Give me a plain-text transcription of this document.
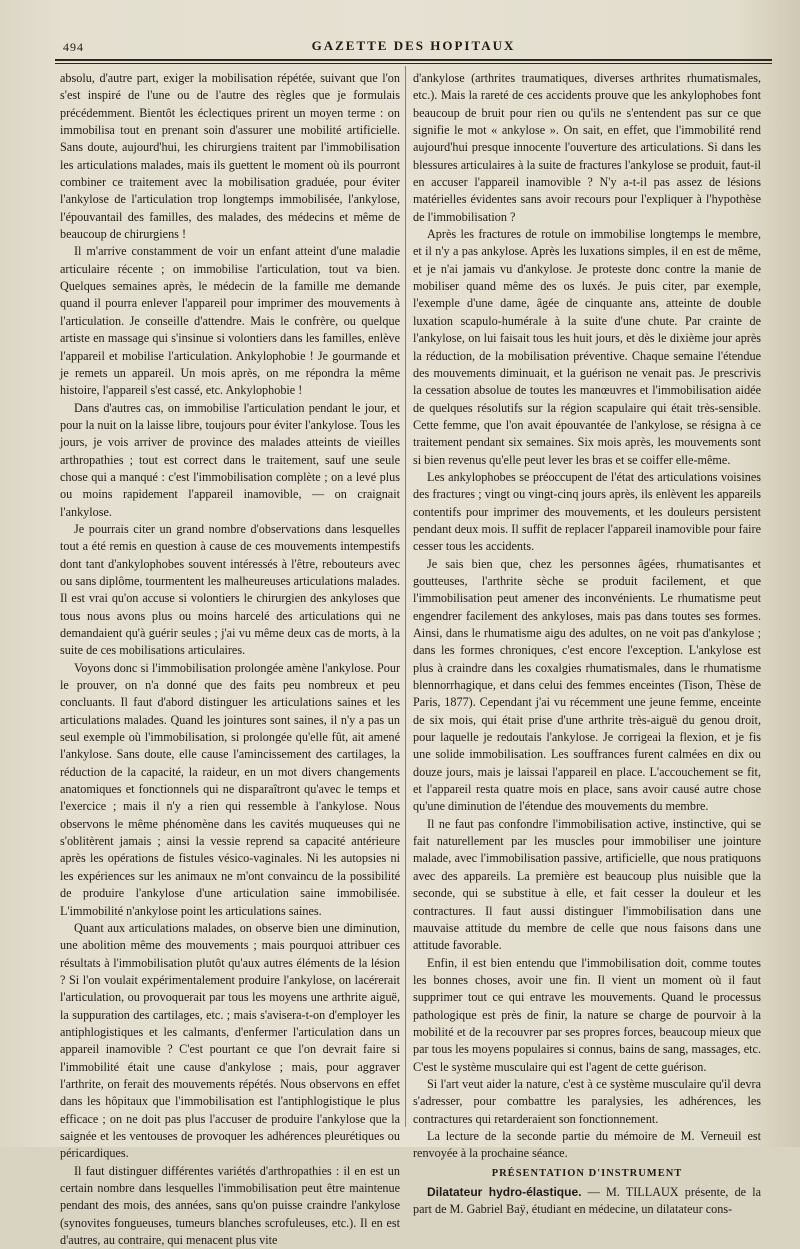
494	GAZETTE DES HOPITAUX

absolu, d'autre part, exiger la mobilisation répétée, suivant que l'on s'est inspiré de l'une ou de l'autre des règles que je formulais précédemment. Bientôt les éclectiques prirent un moyen terme : on immobilisa tout en prenant soin d'assurer une mobilité artificielle. Sans doute, aujourd'hui, les chirurgiens traitent par l'immobilisation les articulations malades, mais ils guettent le moment où ils pourront combiner ce traitement avec la mobilisation graduée, pour éviter l'ankylose de l'articulation trop longtemps immobilisée, l'ankylose, l'épouvantail des familles, des malades, des médecins et même de beaucoup de chirurgiens !

Il m'arrive constamment de voir un enfant atteint d'une maladie articulaire récente ; on immobilise l'articulation, tout va bien. Quelques semaines après, le médecin de la famille me demande quand il pourra enlever l'appareil pour imprimer des mouvements à l'articulation. Je conseille d'attendre. Mais le confrère, ou quelque artiste en massage qui s'insinue si volontiers dans les familles, enlève l'appareil et mobilise l'articulation. Ankylophobie ! Je gourmande et je remets un appareil. Un mois après, on me répondra la même histoire, l'appareil s'est cassé, etc. Ankylophobie !

Dans d'autres cas, on immobilise l'articulation pendant le jour, et pour la nuit on la laisse libre, toujours pour éviter l'ankylose. Tous les jours, je vois arriver de province des malades atteints de vieilles arthropathies ; tout est correct dans le traitement, sauf une seule chose qui a manqué : c'est l'immobilisation complète ; on a levé plus ou moins rapidement l'appareil inamovible, — on craignait l'ankylose.

Je pourrais citer un grand nombre d'observations dans lesquelles tout a été remis en question à cause de ces mouvements intempestifs dont tant d'ankylophobes souvent intéressés à l'être, rebouteurs avec ou sans diplôme, tourmentent les malheureuses articulations malades. Il est vrai qu'on accuse si volontiers le chirurgien des ankyloses que tous nous avons plus ou moins harcelé des articulations qui ne demandaient qu'à guérir seules ; j'ai vu même deux cas de morts, à la suite de ces mobilisations articulaires.

Voyons donc si l'immobilisation prolongée amène l'ankylose. Pour le prouver, on n'a donné que des faits peu nombreux et peu concluants. Il faut d'abord distinguer les articulations saines et les articulations malades. Quand les jointures sont saines, il n'y a pas un seul exemple où l'immobilisation, si prolongée qu'elle fût, ait amené l'ankylose. Sans doute, elle cause l'amincissement des cartilages, la réduction de la capacité, la raideur, en un mot divers changements anatomiques et fonctionnels qui ne disparaîtront qu'avec le temps et l'exercice ; mais il n'y a rien qui ressemble à l'ankylose. Nous observons le même phénomène dans les cavités muqueuses qui ne s'oblitèrent jamais ; ainsi la vessie reprend sa capacité antérieure après les opérations de fistules vésico-vaginales. Ni les autopsies ni les expériences sur les animaux ne m'ont convaincu de la possibilité de produire l'ankylose d'une articulation saine immobilisée. L'immobilité n'ankylose point les articulations saines.

Quant aux articulations malades, on observe bien une diminution, une abolition même des mouvements ; mais pourquoi attribuer ces résultats à l'immobilisation plutôt qu'aux autres éléments de la lésion ? Si l'on voulait expérimentalement produire l'ankylose, on lacérerait l'articulation, ou provoquerait par tous les moyens une arthrite aiguë, la suppuration des cartilages, etc. ; mais s'avisera-t-on d'employer les antiphlogistiques et les calmants, d'enfermer l'articulation dans un appareil inamovible ? C'est pourtant ce que l'on devrait faire si l'immobilité était une cause d'ankylose ; mais, pour aggraver l'arthrite, on ferait des mouvements répétés. Nous observons en effet dans les hôpitaux que l'immobilisation est l'antiphlogistique le plus efficace ; on ne doit pas plus l'accuser de produire l'ankylose que la saignée et les ventouses de provoquer les adhérences pleurétiques ou péricardiques.

Il faut distinguer différentes variétés d'arthropathies : il en est un certain nombre dans lesquelles l'immobilisation peut être maintenue pendant des mois, des années, sans qu'on puisse craindre l'ankylose (synovites fongueuses, tumeurs blanches scrofuleuses, etc.). Il en est d'autres, au contraire, qui menacent plus vite

d'ankylose (arthrites traumatiques, diverses arthrites rhumatismales, etc.). Mais la rareté de ces accidents prouve que les ankylophobes font beaucoup de bruit pour rien ou qu'ils ne s'entendent pas sur ce que signifie le mot « ankylose ». On sait, en effet, que l'immobilité rend aujourd'hui presque innocente l'ouverture des articulations. Si dans les blessures articulaires à la suite de fractures l'ankylose se produit, faut-il en accuser l'appareil inamovible ? N'y a-t-il pas assez de lésions matérielles évidentes sans avoir recours pour l'expliquer à l'hypothèse de l'immobilisation ?

Après les fractures de rotule on immobilise longtemps le membre, et il n'y a pas ankylose. Après les luxations simples, il en est de même, et je n'ai jamais vu d'ankylose. Je proteste donc contre la manie de mobiliser quand même des os luxés. Je puis citer, par exemple, l'exemple d'une dame, âgée de cinquante ans, atteinte de double luxation scapulo-humérale à la suite d'une chute. Par crainte de l'ankylose, on lui faisait tous les huit jours, et dès le dixième jour après la réduction, de la mobilisation préventive. Chaque semaine l'étendue des mouvements diminuait, et la guérison ne venait pas. Je prescrivis la cessation absolue de toutes les manœuvres et l'immobilisation aidée de quelques résolutifs sur la région scapulaire qui était très-sensible. Cette femme, que l'on avait épouvantée de l'ankylose, se résigna à ce traitement pendant six semaines. Six mois après, les mouvements sont si bien revenus qu'elle peut lever les bras et se coiffer elle-même.

Les ankylophobes se préoccupent de l'état des articulations voisines des fractures ; vingt ou vingt-cinq jours après, ils enlèvent les appareils contentifs pour imprimer des mouvements, et les douleurs persistent pendant deux mois. Il suffit de replacer l'appareil inamovible pour faire cesser tous les accidents.

Je sais bien que, chez les personnes âgées, rhumatisantes et goutteuses, l'arthrite sèche se produit facilement, et que l'immobilisation peut amener des inconvénients. Le rhumatisme peut engendrer facilement des ankyloses, mais pas dans toutes ses formes. Ainsi, dans le rhumatisme aigu des adultes, on ne voit pas d'ankylose ; dans les formes chroniques, c'est encore l'exception. L'ankylose est plus à craindre dans les coxalgies rhumatismales, dans le rhumatisme blennorrhagique, et dans celui des femmes enceintes (Tison, Thèse de Paris, 1877). Cependant j'ai vu récemment une jeune femme, enceinte de six mois, qui était prise d'une arthrite très-aiguë du genou droit, pour laquelle je redoutais l'ankylose. Je corrigeai la flexion, et je fis une solide immobilisation. Les souffrances furent calmées en dix ou douze jours, mais je laissai l'appareil en place. L'accouchement se fit, et l'appareil resta quatre mois en place, sans avoir causé autre chose qu'une diminution de l'étendue des mouvements du membre.

Il ne faut pas confondre l'immobilisation active, instinctive, qui se fait naturellement par les muscles pour immobiliser une jointure malade, avec l'immobilisation passive, artificielle, que nous pratiquons avec des appareils. La première est beaucoup plus nuisible que la seconde, qui se substitue à elle, et fait cesser la douleur et les contractures. Il faut aussi distinguer l'immobilisation dans une mauvaise attitude du membre de celle que nous faisons dans une attitude favorable.

Enfin, il est bien entendu que l'immobilisation doit, comme toutes les bonnes choses, avoir une fin. Il vient un moment où il faut supprimer tout ce qui entrave les mouvements. Quand le processus pathologique est près de finir, la nature se charge de pourvoir à la mobilité et de la recouvrer par ses propres forces, beaucoup mieux que par tous les moyens populaires si connus, bains de sang, massages, etc. C'est le système musculaire qui est l'agent de cette guérison.

Si l'art veut aider la nature, c'est à ce système musculaire qu'il devra s'adresser, pour combattre les paralysies, les adhérences, les contractures qui retarderaient son fonctionnement.

La lecture de la seconde partie du mémoire de M. Verneuil est renvoyée à la prochaine séance.

PRÉSENTATION D'INSTRUMENT

Dilatateur hydro-élastique. — M. TILLAUX présente, de la part de M. Gabriel Baÿ, étudiant en médecine, un dilatateur cons-
